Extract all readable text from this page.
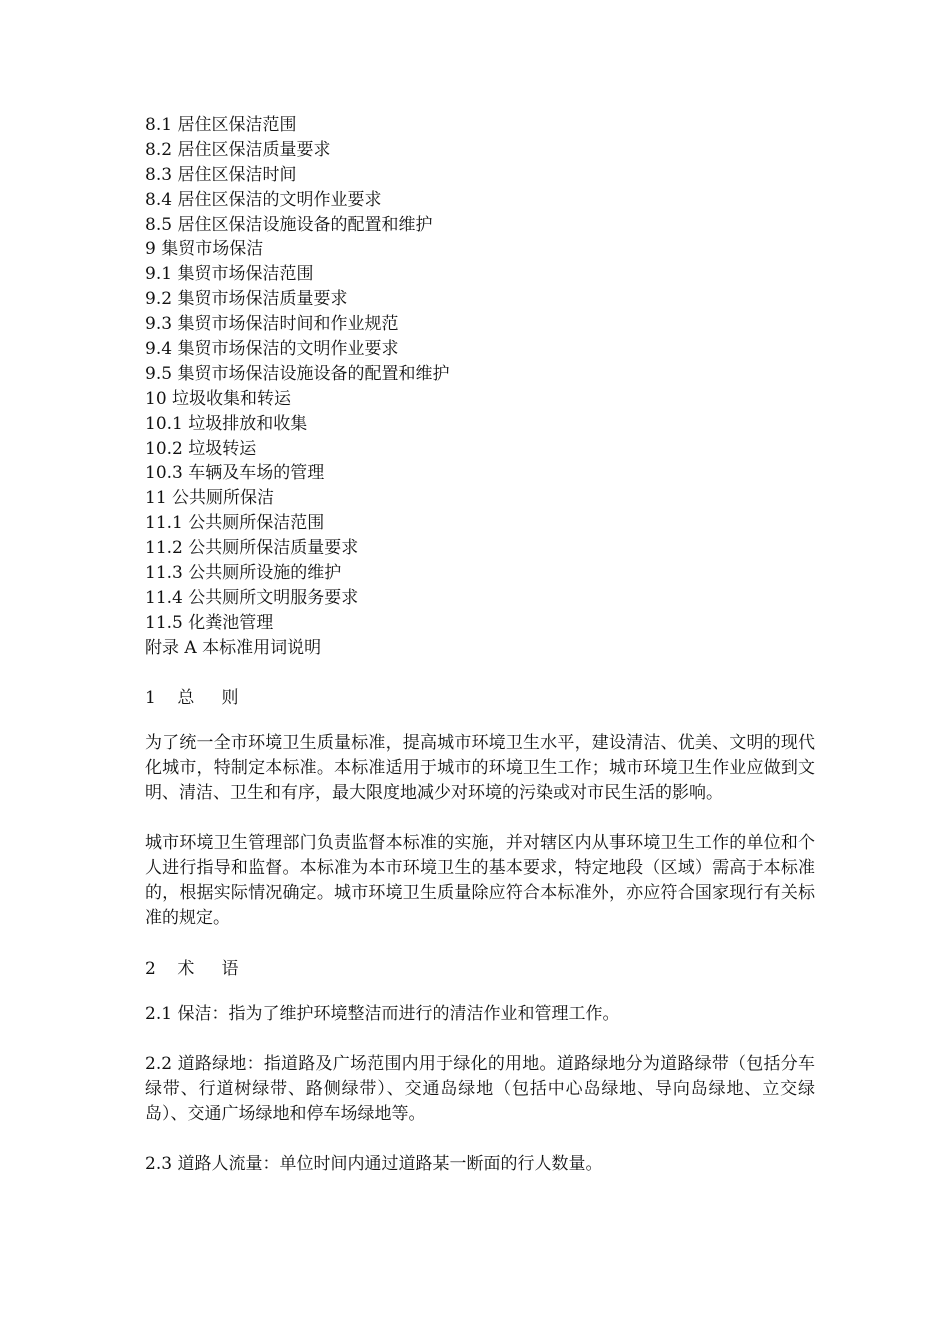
8.1 居住区保洁范围
8.2 居住区保洁质量要求
8.3 居住区保洁时间
8.4 居住区保洁的文明作业要求
8.5 居住区保洁设施设备的配置和维护
9 集贸市场保洁
9.1 集贸市场保洁范围
9.2 集贸市场保洁质量要求
9.3 集贸市场保洁时间和作业规范
9.4 集贸市场保洁的文明作业要求
9.5 集贸市场保洁设施设备的配置和维护
10 垃圾收集和转运
10.1 垃圾排放和收集
10.2 垃圾转运
10.3 车辆及车场的管理
11 公共厕所保洁
11.1 公共厕所保洁范围
11.2 公共厕所保洁质量要求
11.3 公共厕所设施的维护
11.4 公共厕所文明服务要求
11.5 化粪池管理
附录 A 本标准用词说明
1    总     则

为了统一全市环境卫生质量标准，提高城市环境卫生水平，建设清洁、优美、文明的现代化城市，特制定本标准。本标准适用于城市的环境卫生工作；城市环境卫生作业应做到文明、清洁、卫生和有序，最大限度地减少对环境的污染或对市民生活的影响。

城市环境卫生管理部门负责监督本标准的实施，并对辖区内从事环境卫生工作的单位和个人进行指导和监督。本标准为本市环境卫生的基本要求，特定地段（区域）需高于本标准的，根据实际情况确定。城市环境卫生质量除应符合本标准外，亦应符合国家现行有关标准的规定。

2    术     语

2.1 保洁：指为了维护环境整洁而进行的清洁作业和管理工作。

2.2 道路绿地：指道路及广场范围内用于绿化的用地。道路绿地分为道路绿带（包括分车绿带、行道树绿带、路侧绿带）、交通岛绿地（包括中心岛绿地、导向岛绿地、立交绿岛）、交通广场绿地和停车场绿地等。

2.3 道路人流量：单位时间内通过道路某一断面的行人数量。
